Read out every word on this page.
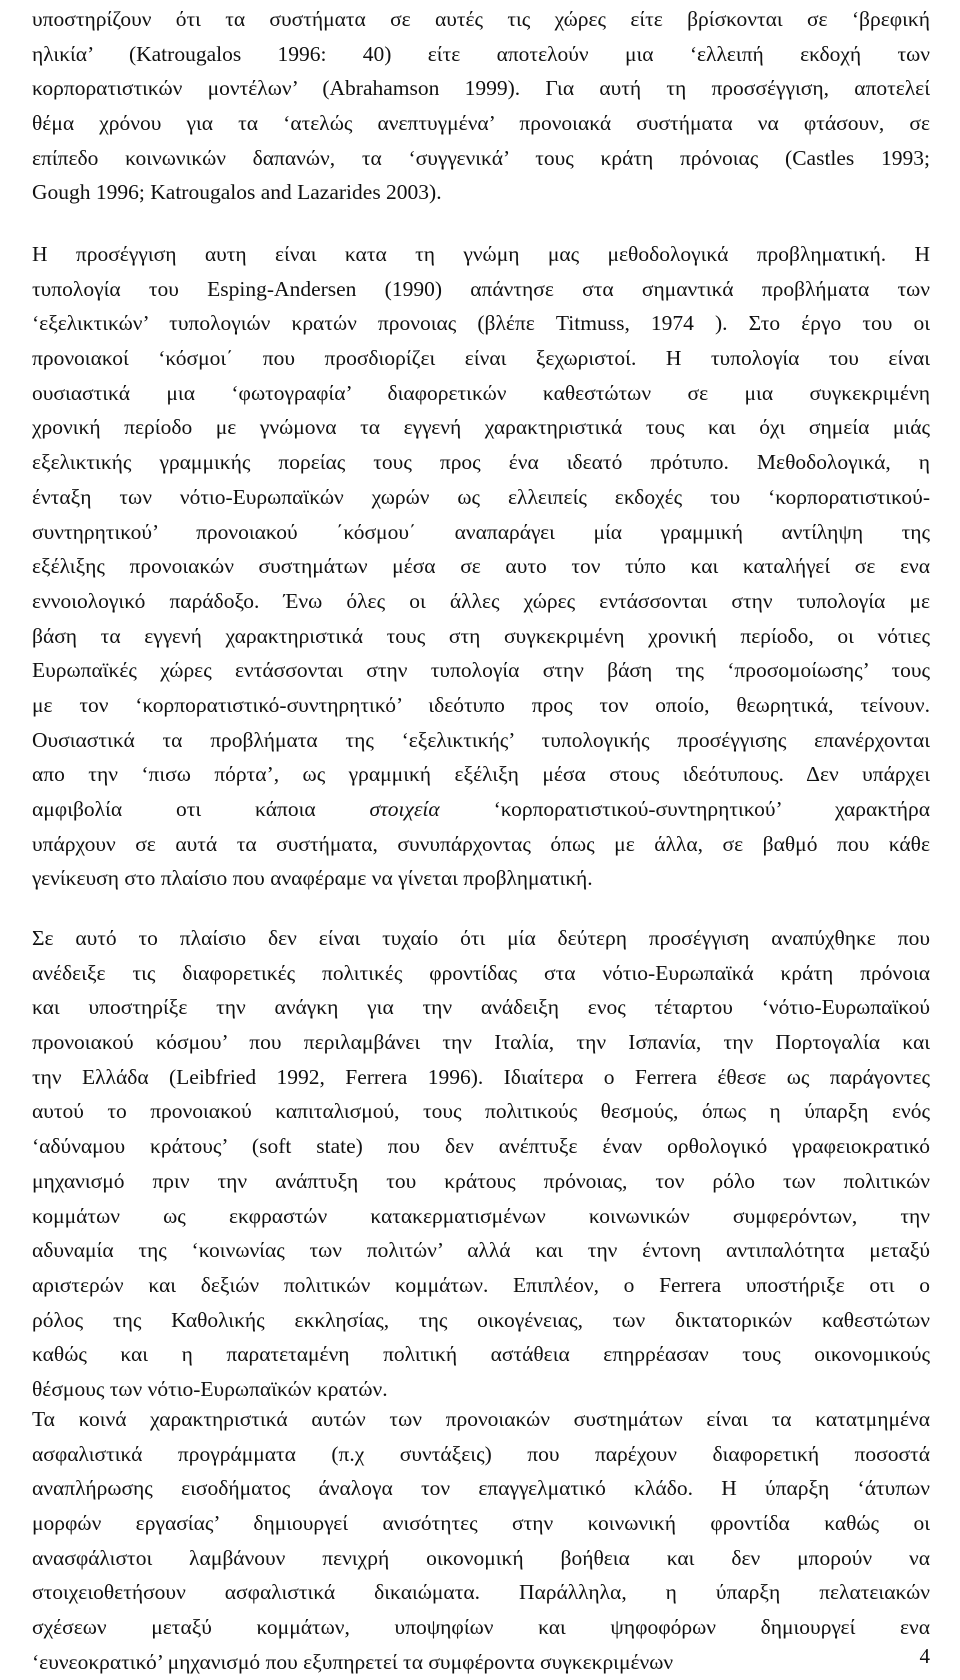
υποστηρίζουν ότι τα συστήματα σε αυτές τις χώρες είτε βρίσκονται σε ‘βρεφική
ηλικία’ (Katrougalos 1996: 40) είτε αποτελούν μια ‘ελλειπή εκδοχή των
κορπορατιστικών μοντέλων’ (Abrahamson 1999). Για αυτή τη προσσέγγιση, αποτελεί
θέμα χρόνου για τα ‘ατελώς ανεπτυγμένα’ προνοιακά συστήματα να φτάσουν, σε
επίπεδο κοινωνικών δαπανών, τα ‘συγγενικά’ τους κράτη πρόνοιας (Castles 1993;
Gough 1996; Katrougalos and Lazarides 2003).
Η προσέγγιση αυτη είναι κατα τη γνώμη μας μεθοδολογικά προβληματική. Η
τυπολογία του Esping-Andersen (1990) απάντησε στα σημαντικά προβλήματα των
‘εξελικτικών’ τυπολογιών κρατών προνοιας (βλέπε Titmuss, 1974 ). Στο έργο του οι
προνοιακοί ‘κόσμοι΄ που προσδιορίζει είναι ξεχωριστοί. Η τυπολογία του είναι
ουσιαστικά μια ‘φωτογραφία’ διαφορετικών καθεστώτων σε μια συγκεκριμένη
χρονική περίοδο με γνώμονα τα εγγενή χαρακτηριστικά τους και όχι σημεία μιάς
εξελικτικής γραμμικής πορείας τους προς ένα ιδεατό πρότυπο. Μεθοδολογικά, η
ένταξη των νότιο-Ευρωπαϊκών χωρών ως ελλειπείς εκδοχές του ‘κορπορατιστικού-
συντηρητικού’ προνοιακού ΄κόσμου΄ αναπαράγει μία γραμμική αντίληψη της
εξέλιξης προνοιακών συστημάτων μέσα σε αυτο τον τύπο και καταλήγεί σε ενα
εννοιολογικό παράδοξο. Ένω όλες οι άλλες χώρες εντάσσονται στην τυπολογία με
βάση τα εγγενή χαρακτηριστικά τους στη συγκεκριμένη χρονική περίοδο, οι νότιες
Ευρωπαϊκές χώρες εντάσσονται στην τυπολογία στην βάση της ‘προσομοίωσης’ τους
με τον ‘κορπορατιστικό-συντηρητικό’ ιδεότυπο προς τον οποίο, θεωρητικά, τείνουν.
Ουσιαστικά τα προβλήματα της ‘εξελικτικής’ τυπολογικής προσέγγισης επανέρχονται
απο την ‘πισω πόρτα’, ως γραμμική εξέλιξη μέσα στους ιδεότυπους. Δεν υπάρχει
αμφιβολία οτι κάποια στοιχεία ‘κορπορατιστικού-συντηρητικού’ χαρακτήρα
υπάρχουν σε αυτά τα συστήματα, συνυπάρχοντας όπως με άλλα, σε βαθμό που κάθε
γενίκευση στο πλαίσιο που αναφέραμε να γίνεται προβληματική.
Σε αυτό το πλαίσιο δεν είναι τυχαίο ότι μία δεύτερη προσέγγιση αναπύχθηκε που
ανέδειξε τις διαφορετικές πολιτικές φροντίδας στα νότιο-Ευρωπαϊκά κράτη πρόνοια
και υποστηρίξε την ανάγκη για την ανάδειξη ενος τέταρτου ‘νότιο-Ευρωπαϊκού
προνοιακού κόσμου’ που περιλαμβάνει την Ιταλία, την Ισπανία, την Πορτογαλία και
την Ελλάδα (Leibfried 1992, Ferrera 1996). Ιδιαίτερα ο Ferrera έθεσε ως παράγοντες
αυτού το προνοιακού καπιταλισμού, τους πολιτικούς θεσμούς, όπως η ύπαρξη ενός
‘αδύναμου κράτους’ (soft state) που δεν ανέπτυξε έναν ορθολογικό γραφειοκρατικό
μηχανισμό πριν την ανάπτυξη του κράτους πρόνοιας, τον ρόλο των πολιτικών
κομμάτων ως εκφραστών κατακερματισμένων κοινωνικών συμφερόντων, την
αδυναμία της ‘κοινωνίας των πολιτών’ αλλά και την έντονη αντιπαλότητα μεταξύ
αριστερών και δεξιών πολιτικών κομμάτων. Επιπλέον, ο Ferrera υποστήριξε οτι ο
ρόλος της Καθολικής εκκλησίας, της οικογένειας, των δικτατορικών καθεστώτων
καθώς και η παρατεταμένη πολιτική αστάθεια επηρρέασαν τους οικονομικούς
θέσμους των νότιο-Ευρωπαϊκών κρατών.
Τα κοινά χαρακτηριστικά αυτών των προνοιακών συστημάτων είναι τα κατατμημένα
ασφαλιστικά προγράμματα (π.χ συντάξεις) που παρέχουν διαφορετική ποσοστά
αναπλήρωσης εισοδήματος άναλογα τον επαγγελματικό κλάδο. Η ύπαρξη ‘άτυπων
μορφών εργασίας’ δημιουργεί ανισότητες στην κοινωνική φροντίδα καθώς οι
ανασφάλιστοι λαμβάνουν πενιχρή οικονομική βοήθεια και δεν μπορούν να
στοιχειοθετήσουν ασφαλιστικά δικαιώματα. Παράλληλα, η ύπαρξη πελατειακών
σχέσεων μεταξύ κομμάτων, υποψηφίων και ψηφοφόρων δημιουργεί ενα
‘ευνεοκρατικό’ μηχανισμό που εξυπηρετεί τα συμφέροντα συγκεκριμένων	4
